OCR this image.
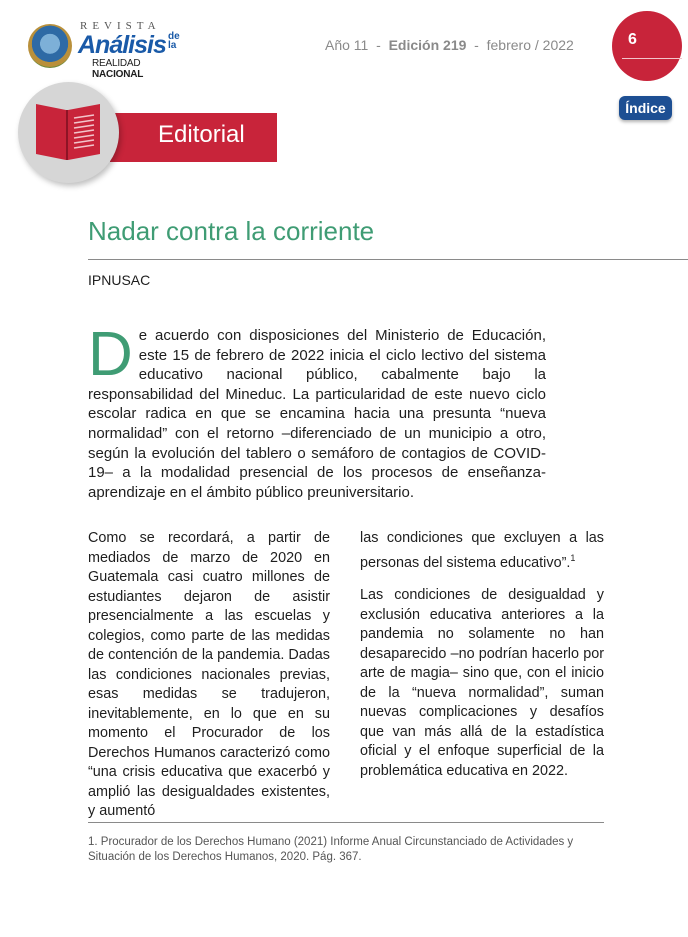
REVISTA
Análisis de la
REALIDAD NACIONAL
Año 11 - Edición 219 - febrero / 2022	6
Índice
Editorial
Nadar contra la corriente
IPNUSAC

De acuerdo con disposiciones del Ministerio de Educación, este 15 de febrero de 2022 inicia el ciclo lectivo del sistema educativo nacional público, cabalmente bajo la responsabilidad del Mineduc. La particularidad de este nuevo ciclo escolar radica en que se encamina hacia una presunta “nueva normalidad” con el retorno –diferenciado de un municipio a otro, según la evolución del tablero o semáforo de contagios de COVID-19– a la modalidad presencial de los procesos de enseñanza-aprendizaje en el ámbito público preuniversitario.

Como se recordará, a partir de mediados de marzo de 2020 en Guatemala casi cuatro millones de estudiantes dejaron de asistir presencialmente a las escuelas y colegios, como parte de las medidas de contención de la pandemia. Dadas las condiciones nacionales previas, esas medidas se tradujeron, inevitablemente, en lo que en su momento el Procurador de los Derechos Humanos caracterizó como “una crisis educativa que exacerbó y amplió las desigualdades existentes, y aumentó

las condiciones que excluyen a las personas del sistema educativo”.$^1$

Las condiciones de desigualdad y exclusión educativa anteriores a la pandemia no solamente no han desaparecido –no podrían hacerlo por arte de magia– sino que, con el inicio de la “nueva normalidad”, suman nuevas complicaciones y desafíos que van más allá de la estadística oficial y el enfoque superficial de la problemática educativa en 2022.

1. Procurador de los Derechos Humano (2021) Informe Anual Circunstanciado de Actividades y Situación de los Derechos Humanos, 2020. Pág. 367.
